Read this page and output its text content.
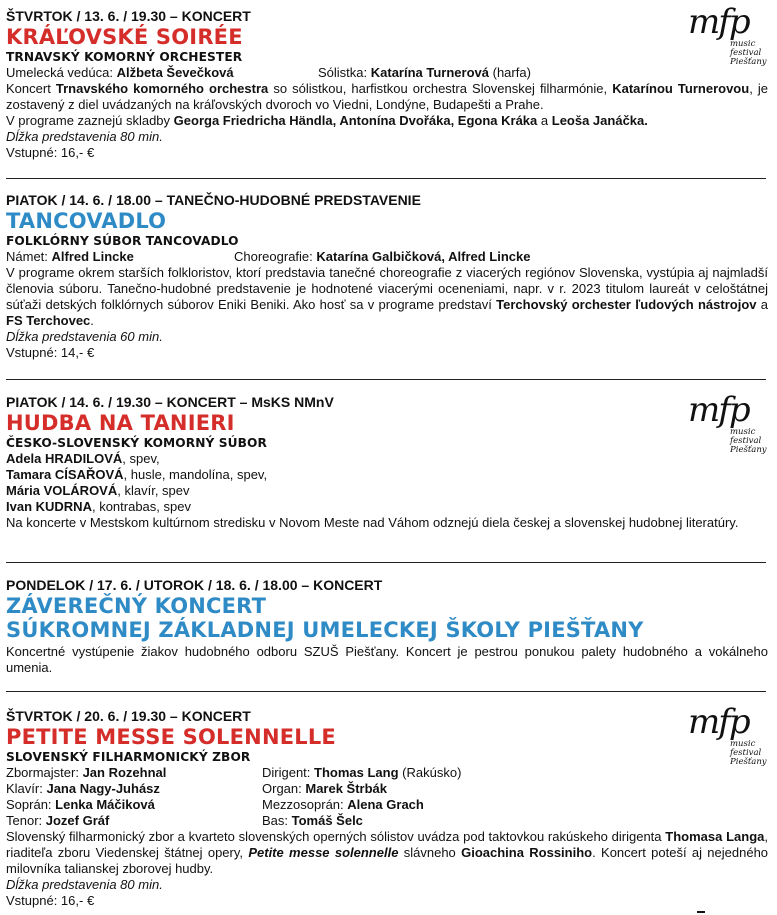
ŠTVRTOK / 13. 6. / 19.30 – KONCERT
KRÁĽOVSKÉ SOIRÉE
TRNAVSKÝ KOMORNÝ ORCHESTER
Umelecká vedúca: Alžbeta Ševečková	Sólistka: Katarína Turnerová (harfa)
Koncert Trnavského komorného orchestra so sólistkou, harfistkou orchestra Slovenskej filharmónie, Katarínou Turnerovou, je zostavený z diel uvádzaných na kráľovských dvoroch vo Viedni, Londýne, Budapešti a Prahe.
V programe zaznejú skladby Georga Friedricha Händla, Antonína Dvořáka, Egona Kráka a Leoša Janáčka.
Dĺžka predstavenia 80 min.
Vstupné: 16,- €
mfp
music
festival
Piešťany
PIATOK / 14. 6. / 18.00 – TANEČNO-HUDOBNÉ PREDSTAVENIE
TANCOVADLO
FOLKLÓRNY SÚBOR TANCOVADLO
Námet: Alfred Lincke	Choreografie: Katarína Galbičková, Alfred Lincke
V programe okrem starších folkloristov, ktorí predstavia tanečné choreografie z viacerých regiónov Slovenska, vystúpia aj najmladší členovia súboru. Tanečno-hudobné predstavenie je hodnotené viacerými oceneniami, napr. v r. 2023 titulom laureát v celoštátnej súťaži detských folklórnych súborov Eniki Beniki. Ako hosť sa v programe predstaví Terchovský orchester ľudových nástrojov a FS Terchovec.
Dĺžka predstavenia 60 min.
Vstupné: 14,- €
PIATOK / 14. 6. / 19.30 – KONCERT – MsKS NMnV
HUDBA NA TANIERI
ČESKO-SLOVENSKÝ KOMORNÝ SÚBOR
Adela HRADILOVÁ, spev,
Tamara CÍSAŘOVÁ, husle, mandolína, spev,
Mária VOLÁROVÁ, klavír, spev
Ivan KUDRNA, kontrabas, spev
Na koncerte v Mestskom kultúrnom stredisku v Novom Meste nad Váhom odznejú diela českej a slovenskej hudobnej literatúry.
mfp
music
festival
Piešťany
PONDELOK / 17. 6. / UTOROK / 18. 6. / 18.00 – KONCERT
ZÁVEREČNÝ KONCERT
SÚKROMNEJ ZÁKLADNEJ UMELECKEJ ŠKOLY PIEŠŤANY
Koncertné vystúpenie žiakov hudobného odboru SZUŠ Piešťany. Koncert je pestrou ponukou palety hudobného a vokálneho umenia.
ŠTVRTOK / 20. 6. / 19.30 – KONCERT
PETITE MESSE SOLENNELLE
SLOVENSKÝ FILHARMONICKÝ ZBOR
Zbormajster: Jan Rozehnal	Dirigent: Thomas Lang (Rakúsko)
Klavír: Jana Nagy-Juhász	Organ: Marek Štrbák
Soprán: Lenka Máčiková	Mezzosoprán: Alena Grach
Tenor: Jozef Gráf	Bas: Tomáš Šelc
Slovenský filharmonický zbor a kvarteto slovenských operných sólistov uvádza pod taktovkou rakúskeho dirigenta Thomasa Langa, riaditeľa zboru Viedenskej štátnej opery, Petite messe solennelle slávneho Gioachina Rossiniho. Koncert poteší aj nejedného milovníka talianskej zborovej hudby.
Dĺžka predstavenia 80 min.
Vstupné: 16,- €
mfp
music
festival
Piešťany
